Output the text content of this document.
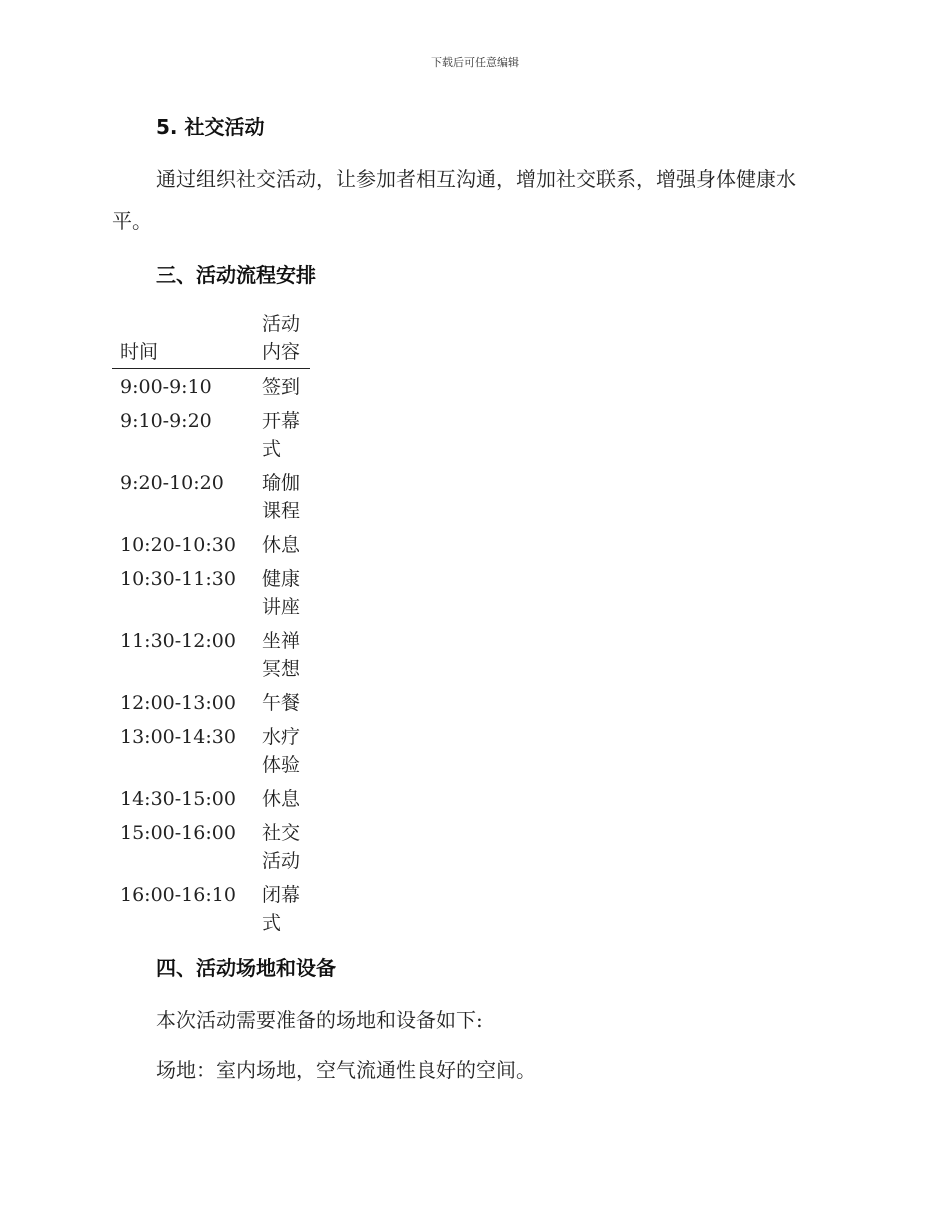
下载后可任意编辑
5. 社交活动

通过组织社交活动，让参加者相互沟通，增加社交联系，增强身体健康水平。

三、活动流程安排
时间	活动内容
9:00-9:10	签到
9:10-9:20	开幕式
9:20-10:20	瑜伽课程
10:20-10:30	休息
10:30-11:30	健康讲座
11:30-12:00	坐禅冥想
12:00-13:00	午餐
13:00-14:30	水疗体验
14:30-15:00	休息
15:00-16:00	社交活动
16:00-16:10	闭幕式
四、活动场地和设备

本次活动需要准备的场地和设备如下:

场地：室内场地，空气流通性良好的空间。
